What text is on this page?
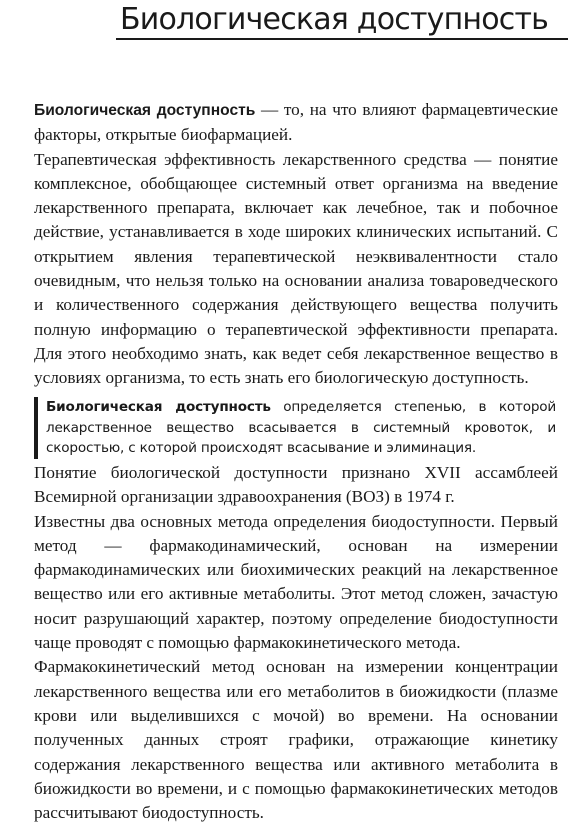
Биологическая доступность

Биологическая доступность — то, на что влияют фармацевтические факторы, открытые биофармацией.

Терапевтическая эффективность лекарственного средства — понятие комплексное, обобщающее системный ответ организма на введение лекарственного препарата, включает как лечебное, так и побочное действие, устанавливается в ходе широких клинических испытаний. С открытием явления терапевтической неэквивалентности стало очевидным, что нельзя только на основании анализа товароведческого и количественного содержания действующего вещества получить полную информацию о терапевтической эффективности препарата. Для этого необходимо знать, как ведет себя лекарственное вещество в условиях организма, то есть знать его биологическую доступность.

Биологическая доступность определяется степенью, в которой лекарственное вещество всасывается в системный кровоток, и скоростью, с которой происходят всасывание и элиминация.

Понятие биологической доступности признано XVII ассамблеей Всемирной организации здравоохранения (ВОЗ) в 1974 г.

Известны два основных метода определения биодоступности. Первый метод — фармакодинамический, основан на измерении фармакодинамических или биохимических реакций на лекарственное вещество или его активные метаболиты. Этот метод сложен, зачастую носит разрушающий характер, поэтому определение биодоступности чаще проводят с помощью фармакокинетического метода.

Фармакокинетический метод основан на измерении концентрации лекарственного вещества или его метаболитов в биожидкости (плазме крови или выделившихся с мочой) во времени. На основании полученных данных строят графики, отражающие кинетику содержания лекарственного вещества или активного метаболита в биожидкости во времени, и с помощью фармакокинетических методов рассчитывают биодоступность.
